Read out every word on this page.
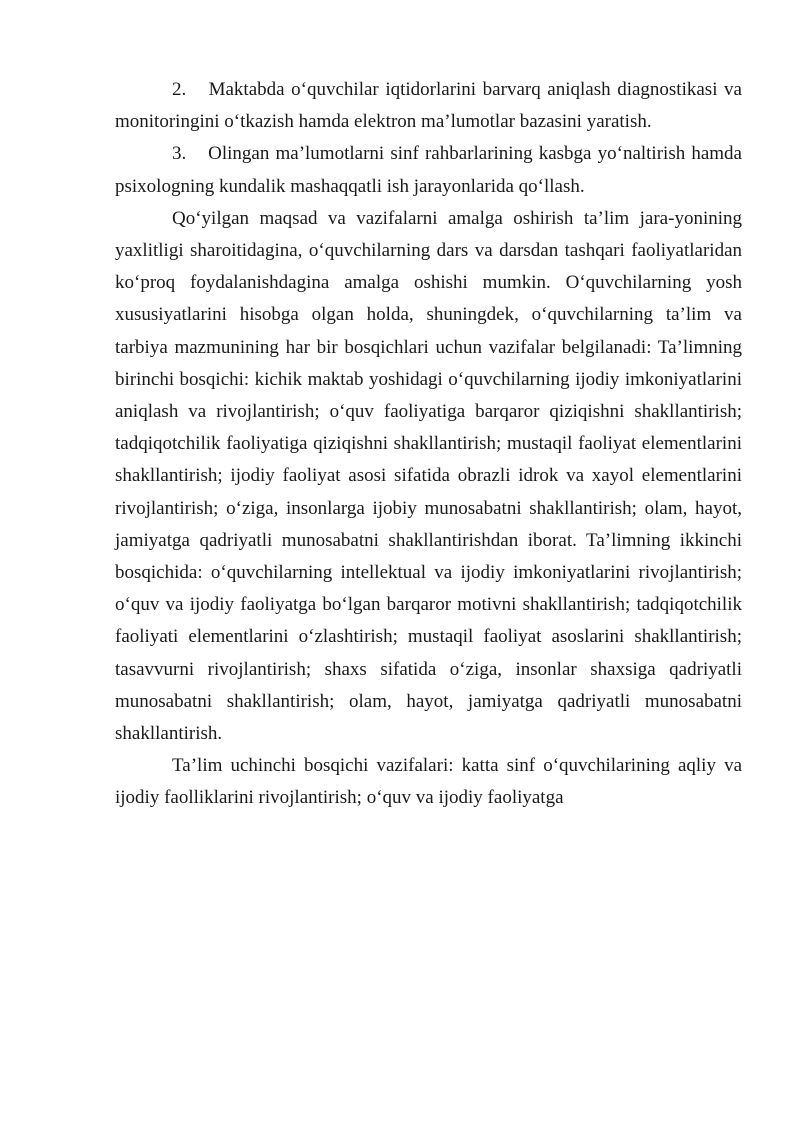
2. Maktabda o‘quvchilar iqtidorlarini barvarq aniqlash diagnostikasi va monitoringini o‘tkazish hamda elektron ma’lumotlar bazasini yaratish.

3. Olingan ma’lumotlarni sinf rahbarlarining kasbga yo‘naltirish hamda psixologning kundalik mashaqqatli ish jarayonlarida qo‘llash.

Qo‘yilgan maqsad va vazifalarni amalga oshirish ta’lim jara-yonining yaxlitligi sharoitidagina, o‘quvchilarning dars va darsdan tashqari faoliyatlaridan ko‘proq foydalanishdagina amalga oshishi mumkin. O‘quvchilarning yosh xususiyatlarini hisobga olgan holda, shuningdek, o‘quvchilarning ta’lim va tarbiya mazmunining har bir bosqichlari uchun vazifalar belgilanadi: Ta’limning birinchi bosqichi: kichik maktab yoshidagi o‘quvchilarning ijodiy imkoniyatlarini aniqlash va rivojlantirish; o‘quv faoliyatiga barqaror qiziqishni shakllantirish; tadqiqotchilik faoliyatiga qiziqishni shakllantirish; mustaqil faoliyat elementlarini shakllantirish; ijodiy faoliyat asosi sifatida obrazli idrok va xayol elementlarini rivojlantirish; o‘ziga, insonlarga ijobiy munosabatni shakllantirish; olam, hayot, jamiyatga qadriyatli munosabatni shakllantirishdan iborat. Ta’limning ikkinchi bosqichida: o‘quvchilarning intellektual va ijodiy imkoniyatlarini rivojlantirish; o‘quv va ijodiy faoliyatga bo‘lgan barqaror motivni shakllantirish; tadqiqotchilik faoliyati elementlarini o‘zlashtirish; mustaqil faoliyat asoslarini shakllantirish; tasavvurni rivojlantirish; shaxs sifatida o‘ziga, insonlar shaxsiga qadriyatli munosabatni shakllantirish; olam, hayot, jamiyatga qadriyatli munosabatni shakllantirish.

Ta’lim uchinchi bosqichi vazifalari: katta sinf o‘quvchilarining aqliy va ijodiy faolliklarini rivojlantirish; o‘quv va ijodiy faoliyatga
